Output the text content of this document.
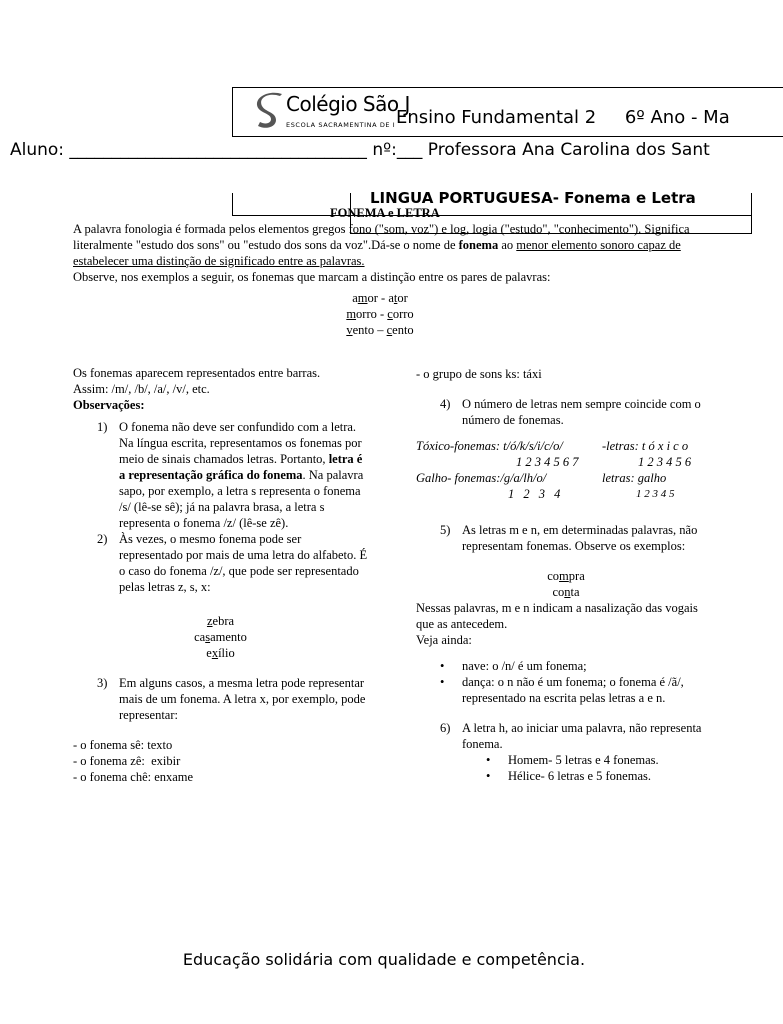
Colégio São J
ESCOLA SACRAMENTINA DE I Ensino Fundamental 2     6º Ano - Ma
Aluno: ___________________________________ nº:___ Professora Ana Carolina dos Sant
LINGUA PORTUGUESA- Fonema e Letra
FONEMA e LETRA
A palavra fonologia é formada pelos elementos gregos fono ("som, voz") e log, logia ("estudo", "conhecimento"). Significa literalmente "estudo dos sons" ou "estudo dos sons da voz".Dá-se o nome de fonema ao menor elemento sonoro capaz de estabelecer uma distinção de significado entre as palavras.
Observe, nos exemplos a seguir, os fonemas que marcam a distinção entre os pares de palavras:
amor - ator
morro - corro
vento – cento
Os fonemas aparecem representados entre barras.
Assim: /m/, /b/, /a/, /v/, etc.
Observações:
1) O fonema não deve ser confundido com a letra. Na língua escrita, representamos os fonemas por meio de sinais chamados letras. Portanto, letra é a representação gráfica do fonema. Na palavra sapo, por exemplo, a letra s representa o fonema /s/ (lê-se sê); já na palavra brasa, a letra s representa o fonema /z/ (lê-se zê).
2) Às vezes, o mesmo fonema pode ser representado por mais de uma letra do alfabeto. É o caso do fonema /z/, que pode ser representado pelas letras z, s, x:
zebra
casamento
exílio
3) Em alguns casos, a mesma letra pode representar mais de um fonema. A letra x, por exemplo, pode representar:
- o fonema sê: texto
- o fonema zê:  exibir
- o fonema chê: enxame
- o grupo de sons ks: táxi
4) O número de letras nem sempre coincide com o número de fonemas.
Tóxico-fonemas: t/ó/k/s/i/c/o/	-letras: t ó x i c o
1 2 3 4 5 6 7	1 2 3 4 5 6
Galho- fonemas:/g/a/lh/o/	letras: galho
1 2 3 4	1 2 3 4 5
5) As letras m e n, em determinadas palavras, não representam fonemas. Observe os exemplos:
compra
conta
Nessas palavras, m e n indicam a nasalização das vogais que as antecedem.
Veja ainda:
• nave: o /n/ é um fonema;
• dança: o n não é um fonema; o fonema é /ã/, representado na escrita pelas letras a e n.
6) A letra h, ao iniciar uma palavra, não representa fonema.
• Homem- 5 letras e 4 fonemas.
• Hélice- 6 letras e 5 fonemas.
Educação solidária com qualidade e competência.
